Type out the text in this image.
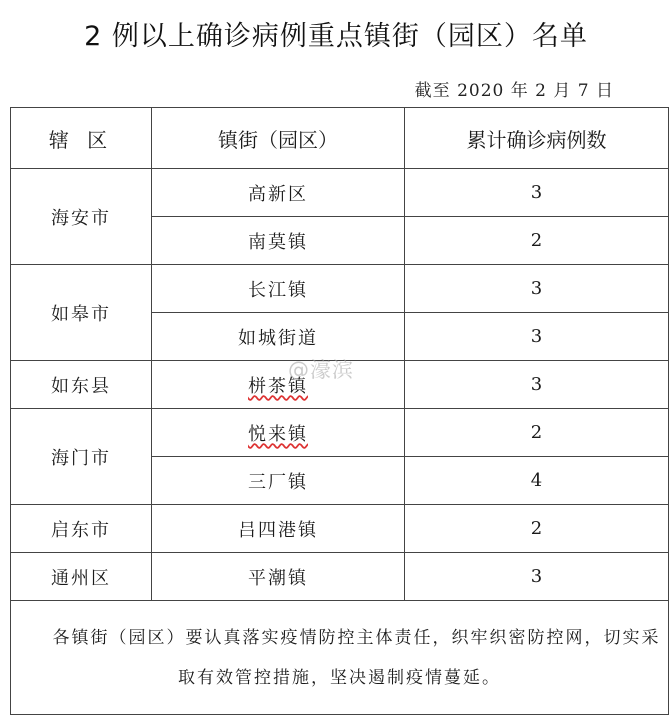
2 例以上确诊病例重点镇街（园区）名单
截至 2020 年 2 月 7 日
辖 区	镇街（园区）	累计确诊病例数
海安市	高新区	3
	南莫镇	2
如皋市	长江镇	3
	如城街道	3
如东县	栟茶镇	3
海门市	悦来镇	2
	三厂镇	4
启东市	吕四港镇	2
通州区	平潮镇	3

各镇街（园区）要认真落实疫情防控主体责任，织牢织密防控网，切实采取有效管控措施，坚决遏制疫情蔓延。		
@濠滨
